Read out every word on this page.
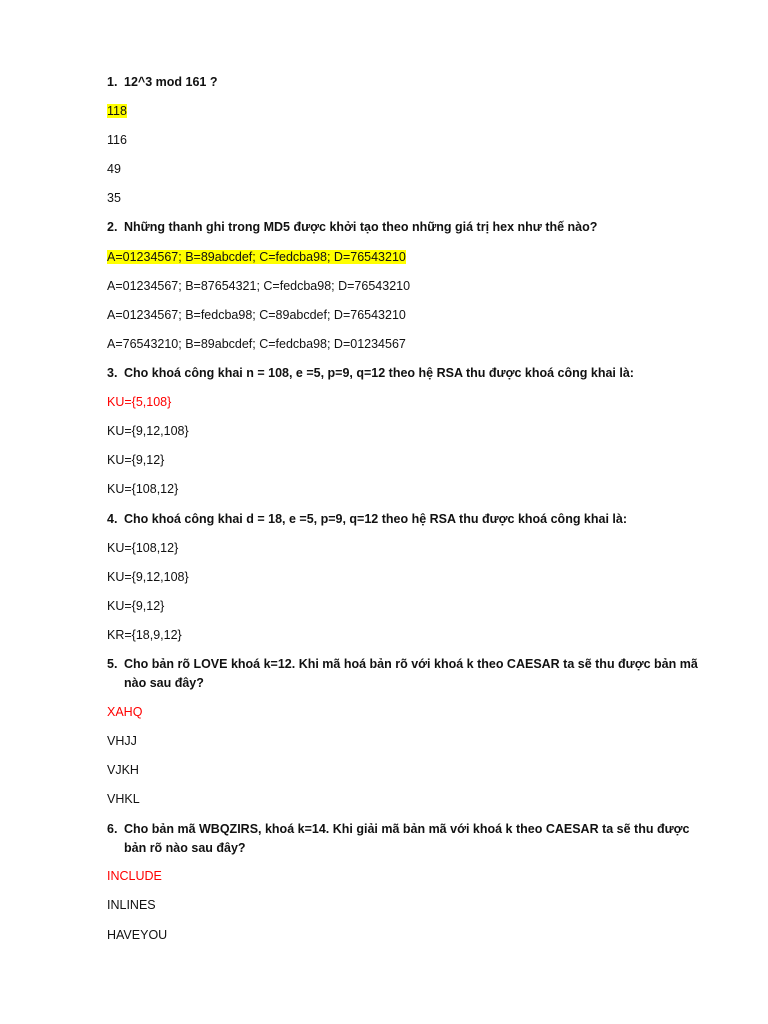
1. 12^3 mod 161 ?
118
116
49
35
2. Những thanh ghi trong MD5 được khởi tạo theo những giá trị hex như thế nào?
A=01234567; B=89abcdef; C=fedcba98; D=76543210
A=01234567; B=87654321; C=fedcba98; D=76543210
A=01234567; B=fedcba98; C=89abcdef; D=76543210
A=76543210; B=89abcdef; C=fedcba98; D=01234567
3. Cho khoá công khai n = 108, e =5, p=9, q=12 theo hệ RSA thu được khoá công khai là:
KU={5,108}
KU={9,12,108}
KU={9,12}
KU={108,12}
4. Cho khoá công khai d = 18, e =5, p=9, q=12 theo hệ RSA thu được khoá công khai là:
KU={108,12}
KU={9,12,108}
KU={9,12}
KR={18,9,12}
5. Cho bản rõ LOVE khoá k=12. Khi mã hoá bản rõ với khoá k theo CAESAR ta sẽ thu được bản mã nào sau đây?
XAHQ
VHJJ
VJKH
VHKL
6. Cho bản mã WBQZIRS, khoá k=14. Khi giải mã bản mã với khoá k theo CAESAR ta sẽ thu được bản rõ nào sau đây?
INCLUDE
INLINES
HAVEYOU
